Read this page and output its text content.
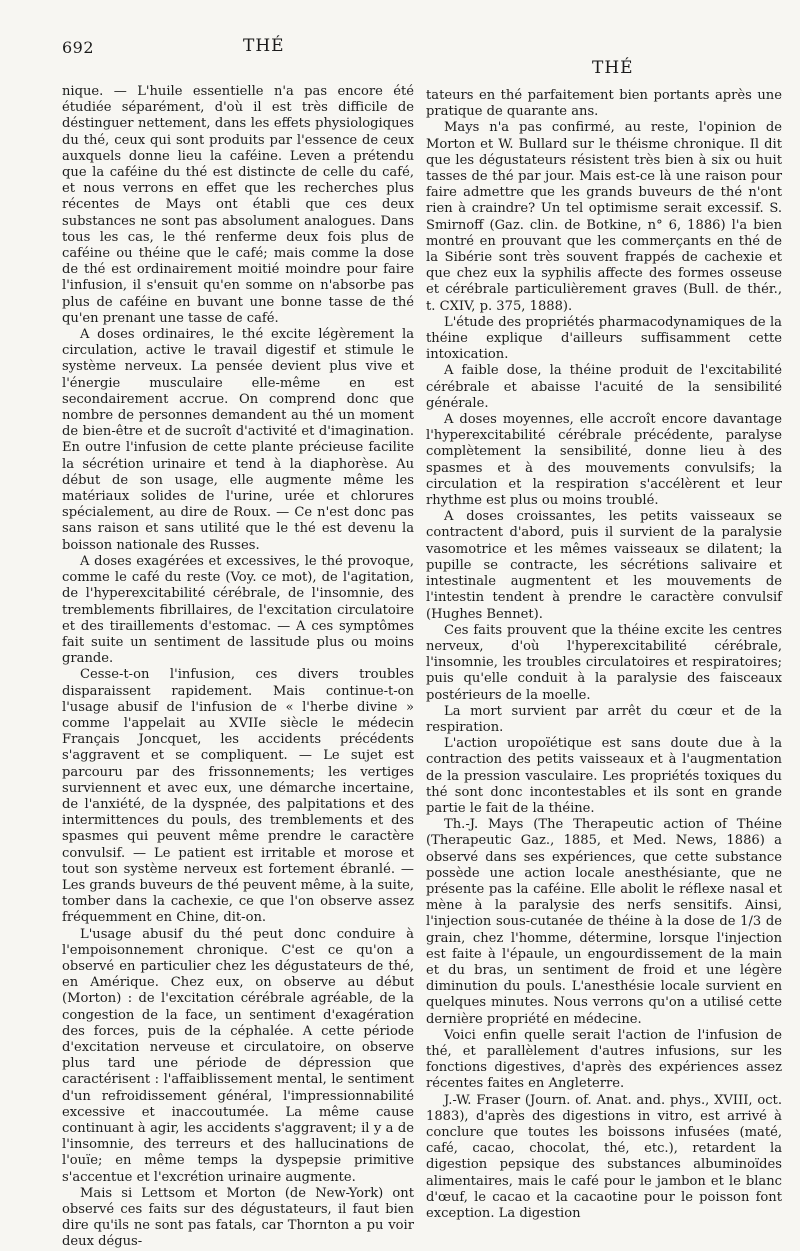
692	THÉ
THÉ

nique. — L'huile essentielle n'a pas encore été étudiée séparément, d'où il est très difficile de déstinguer nettement, dans les effets physiologiques du thé, ceux qui sont produits par l'essence de ceux auxquels donne lieu la caféine. Leven a prétendu que la caféine du thé est distincte de celle du café, et nous verrons en effet que les recherches plus récentes de Mays ont établi que ces deux substances ne sont pas absolument analogues. Dans tous les cas, le thé renferme deux fois plus de caféine ou théine que le café; mais comme la dose de thé est ordinairement moitié moindre pour faire l'infusion, il s'ensuit qu'en somme on n'absorbe pas plus de caféine en buvant une bonne tasse de thé qu'en prenant une tasse de café.

A doses ordinaires, le thé excite légèrement la circulation, active le travail digestif et stimule le système nerveux. La pensée devient plus vive et l'énergie musculaire elle-même en est secondairement accrue. On comprend donc que nombre de personnes demandent au thé un moment de bien-être et de sucroît d'activité et d'imagination. En outre l'infusion de cette plante précieuse facilite la sécrétion urinaire et tend à la diaphorèse. Au début de son usage, elle augmente même les matériaux solides de l'urine, urée et chlorures spécialement, au dire de Roux. — Ce n'est donc pas sans raison et sans utilité que le thé est devenu la boisson nationale des Russes.

A doses exagérées et excessives, le thé provoque, comme le café du reste (Voy. ce mot), de l'agitation, de l'hyperexcitabilité cérébrale, de l'insomnie, des tremblements fibrillaires, de l'excitation circulatoire et des tiraillements d'estomac. — A ces symptômes fait suite un sentiment de lassitude plus ou moins grande.

Cesse-t-on l'infusion, ces divers troubles disparaissent rapidement. Mais continue-t-on l'usage abusif de l'infusion de « l'herbe divine » comme l'appelait au XVIIe siècle le médecin Français Joncquet, les accidents précédents s'aggravent et se compliquent. — Le sujet est parcouru par des frissonnements; les vertiges surviennent et avec eux, une démarche incertaine, de l'anxiété, de la dyspnée, des palpitations et des intermittences du pouls, des tremblements et des spasmes qui peuvent même prendre le caractère convulsif. — Le patient est irritable et morose et tout son système nerveux est fortement ébranlé. — Les grands buveurs de thé peuvent même, à la suite, tomber dans la cachexie, ce que l'on observe assez fréquemment en Chine, dit-on.

L'usage abusif du thé peut donc conduire à l'empoisonnement chronique. C'est ce qu'on a observé en particulier chez les dégustateurs de thé, en Amérique. Chez eux, on observe au début (Morton) : de l'excitation cérébrale agréable, de la congestion de la face, un sentiment d'exagération des forces, puis de la céphalée. A cette période d'excitation nerveuse et circulatoire, on observe plus tard une période de dépression que caractérisent : l'affaiblissement mental, le sentiment d'un refroidissement général, l'impressionnabilité excessive et inaccoutumée. La même cause continuant à agir, les accidents s'aggravent; il y a de l'insomnie, des terreurs et des hallucinations de l'ouïe; en même temps la dyspepsie primitive s'accentue et l'excrétion urinaire augmente.

Mais si Lettsom et Morton (de New-York) ont observé ces faits sur des dégustateurs, il faut bien dire qu'ils ne sont pas fatals, car Thornton a pu voir deux dégus-

tateurs en thé parfaitement bien portants après une pratique de quarante ans.

Mays n'a pas confirmé, au reste, l'opinion de Morton et W. Bullard sur le théisme chronique. Il dit que les dégustateurs résistent très bien à six ou huit tasses de thé par jour. Mais est-ce là une raison pour faire admettre que les grands buveurs de thé n'ont rien à craindre? Un tel optimisme serait excessif. S. Smirnoff (Gaz. clin. de Botkine, n° 6, 1886) l'a bien montré en prouvant que les commerçants en thé de la Sibérie sont très souvent frappés de cachexie et que chez eux la syphilis affecte des formes osseuse et cérébrale particulièrement graves (Bull. de thér., t. CXIV, p. 375, 1888).

L'étude des propriétés pharmacodynamiques de la théine explique d'ailleurs suffisamment cette intoxication.

A faible dose, la théine produit de l'excitabilité cérébrale et abaisse l'acuité de la sensibilité générale.

A doses moyennes, elle accroît encore davantage l'hyperexcitabilité cérébrale précédente, paralyse complètement la sensibilité, donne lieu à des spasmes et à des mouvements convulsifs; la circulation et la respiration s'accélèrent et leur rhythme est plus ou moins troublé.

A doses croissantes, les petits vaisseaux se contractent d'abord, puis il survient de la paralysie vasomotrice et les mêmes vaisseaux se dilatent; la pupille se contracte, les sécrétions salivaire et intestinale augmentent et les mouvements de l'intestin tendent à prendre le caractère convulsif (Hughes Bennet).

Ces faits prouvent que la théine excite les centres nerveux, d'où l'hyperexcitabilité cérébrale, l'insomnie, les troubles circulatoires et respiratoires; puis qu'elle conduit à la paralysie des faisceaux postérieurs de la moelle.

La mort survient par arrêt du cœur et de la respiration.

L'action uropoïétique est sans doute due à la contraction des petits vaisseaux et à l'augmentation de la pression vasculaire. Les propriétés toxiques du thé sont donc incontestables et ils sont en grande partie le fait de la théine.

Th.-J. Mays (The Therapeutic action of Théine (Therapeutic Gaz., 1885, et Med. News, 1886) a observé dans ses expériences, que cette substance possède une action locale anesthésiante, que ne présente pas la caféine. Elle abolit le réflexe nasal et mène à la paralysie des nerfs sensitifs. Ainsi, l'injection sous-cutanée de théine à la dose de 1/3 de grain, chez l'homme, détermine, lorsque l'injection est faite à l'épaule, un engourdissement de la main et du bras, un sentiment de froid et une légère diminution du pouls. L'anesthésie locale survient en quelques minutes. Nous verrons qu'on a utilisé cette dernière propriété en médecine.

Voici enfin quelle serait l'action de l'infusion de thé, et parallèlement d'autres infusions, sur les fonctions digestives, d'après des expériences assez récentes faites en Angleterre.

J.-W. Fraser (Journ. of. Anat. and. phys., XVIII, oct. 1883), d'après des digestions in vitro, est arrivé à conclure que toutes les boissons infusées (maté, café, cacao, chocolat, thé, etc.), retardent la digestion pepsique des substances albuminoïdes alimentaires, mais le café pour le jambon et le blanc d'œuf, le cacao et la cacaotine pour le poisson font exception. La digestion
